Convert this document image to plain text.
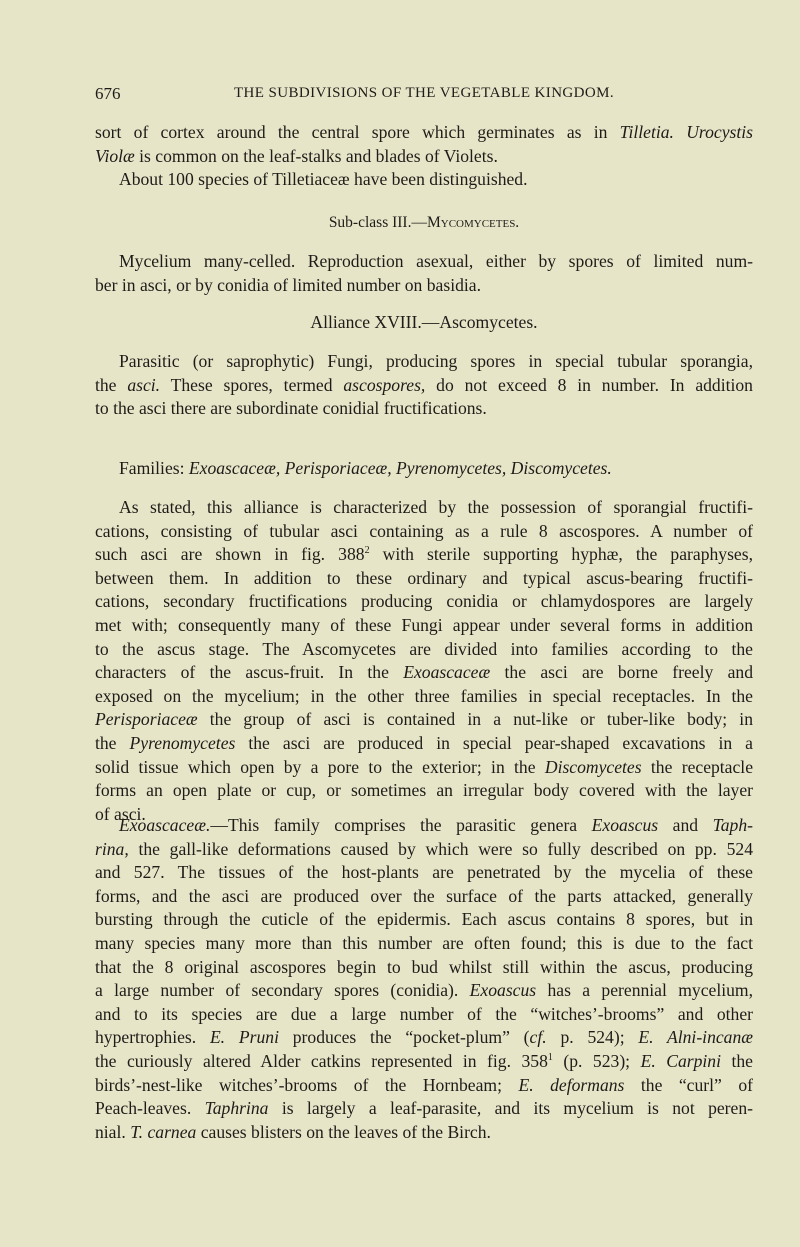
676	THE SUBDIVISIONS OF THE VEGETABLE KINGDOM.
sort of cortex around the central spore which germinates as in Tilletia. Urocystis
Violæ is common on the leaf-stalks and blades of Violets.
About 100 species of Tilletiaceæ have been distinguished.
Sub-class III.—Mycomycetes.
Mycelium many-celled. Reproduction asexual, either by spores of limited num-
ber in asci, or by conidia of limited number on basidia.
Alliance XVIII.—Ascomycetes.
Parasitic (or saprophytic) Fungi, producing spores in special tubular sporangia,
the asci. These spores, termed ascospores, do not exceed 8 in number. In addition
to the asci there are subordinate conidial fructifications.
Families: Exoascaceæ, Perisporiaceæ, Pyrenomycetes, Discomycetes.
As stated, this alliance is characterized by the possession of sporangial fructifi-
cations, consisting of tubular asci containing as a rule 8 ascospores. A number of
such asci are shown in fig. $388^2$ with sterile supporting hyphæ, the paraphyses,
between them. In addition to these ordinary and typical ascus-bearing fructifi-
cations, secondary fructifications producing conidia or chlamydospores are largely
met with; consequently many of these Fungi appear under several forms in addition
to the ascus stage. The Ascomycetes are divided into families according to the
characters of the ascus-fruit. In the Exoascaceæ the asci are borne freely and
exposed on the mycelium; in the other three families in special receptacles. In the
Perisporiaceæ the group of asci is contained in a nut-like or tuber-like body; in
the Pyrenomycetes the asci are produced in special pear-shaped excavations in a
solid tissue which open by a pore to the exterior; in the Discomycetes the receptacle
forms an open plate or cup, or sometimes an irregular body covered with the layer
of asci.
Exoascaceæ.—This family comprises the parasitic genera Exoascus and Taph-
rina, the gall-like deformations caused by which were so fully described on pp. 524
and 527. The tissues of the host-plants are penetrated by the mycelia of these
forms, and the asci are produced over the surface of the parts attacked, generally
bursting through the cuticle of the epidermis. Each ascus contains 8 spores, but in
many species many more than this number are often found; this is due to the fact
that the 8 original ascospores begin to bud whilst still within the ascus, producing
a large number of secondary spores (conidia). Exoascus has a perennial mycelium,
and to its species are due a large number of the “witches’-brooms” and other
hypertrophies. E. Pruni produces the “pocket-plum” (cf. p. 524); E. Alni-incanæ
the curiously altered Alder catkins represented in fig. $358^1$ (p. 523); E. Carpini the
birds’-nest-like witches’-brooms of the Hornbeam; E. deformans the “curl” of
Peach-leaves. Taphrina is largely a leaf-parasite, and its mycelium is not peren-
nial. T. carnea causes blisters on the leaves of the Birch.
